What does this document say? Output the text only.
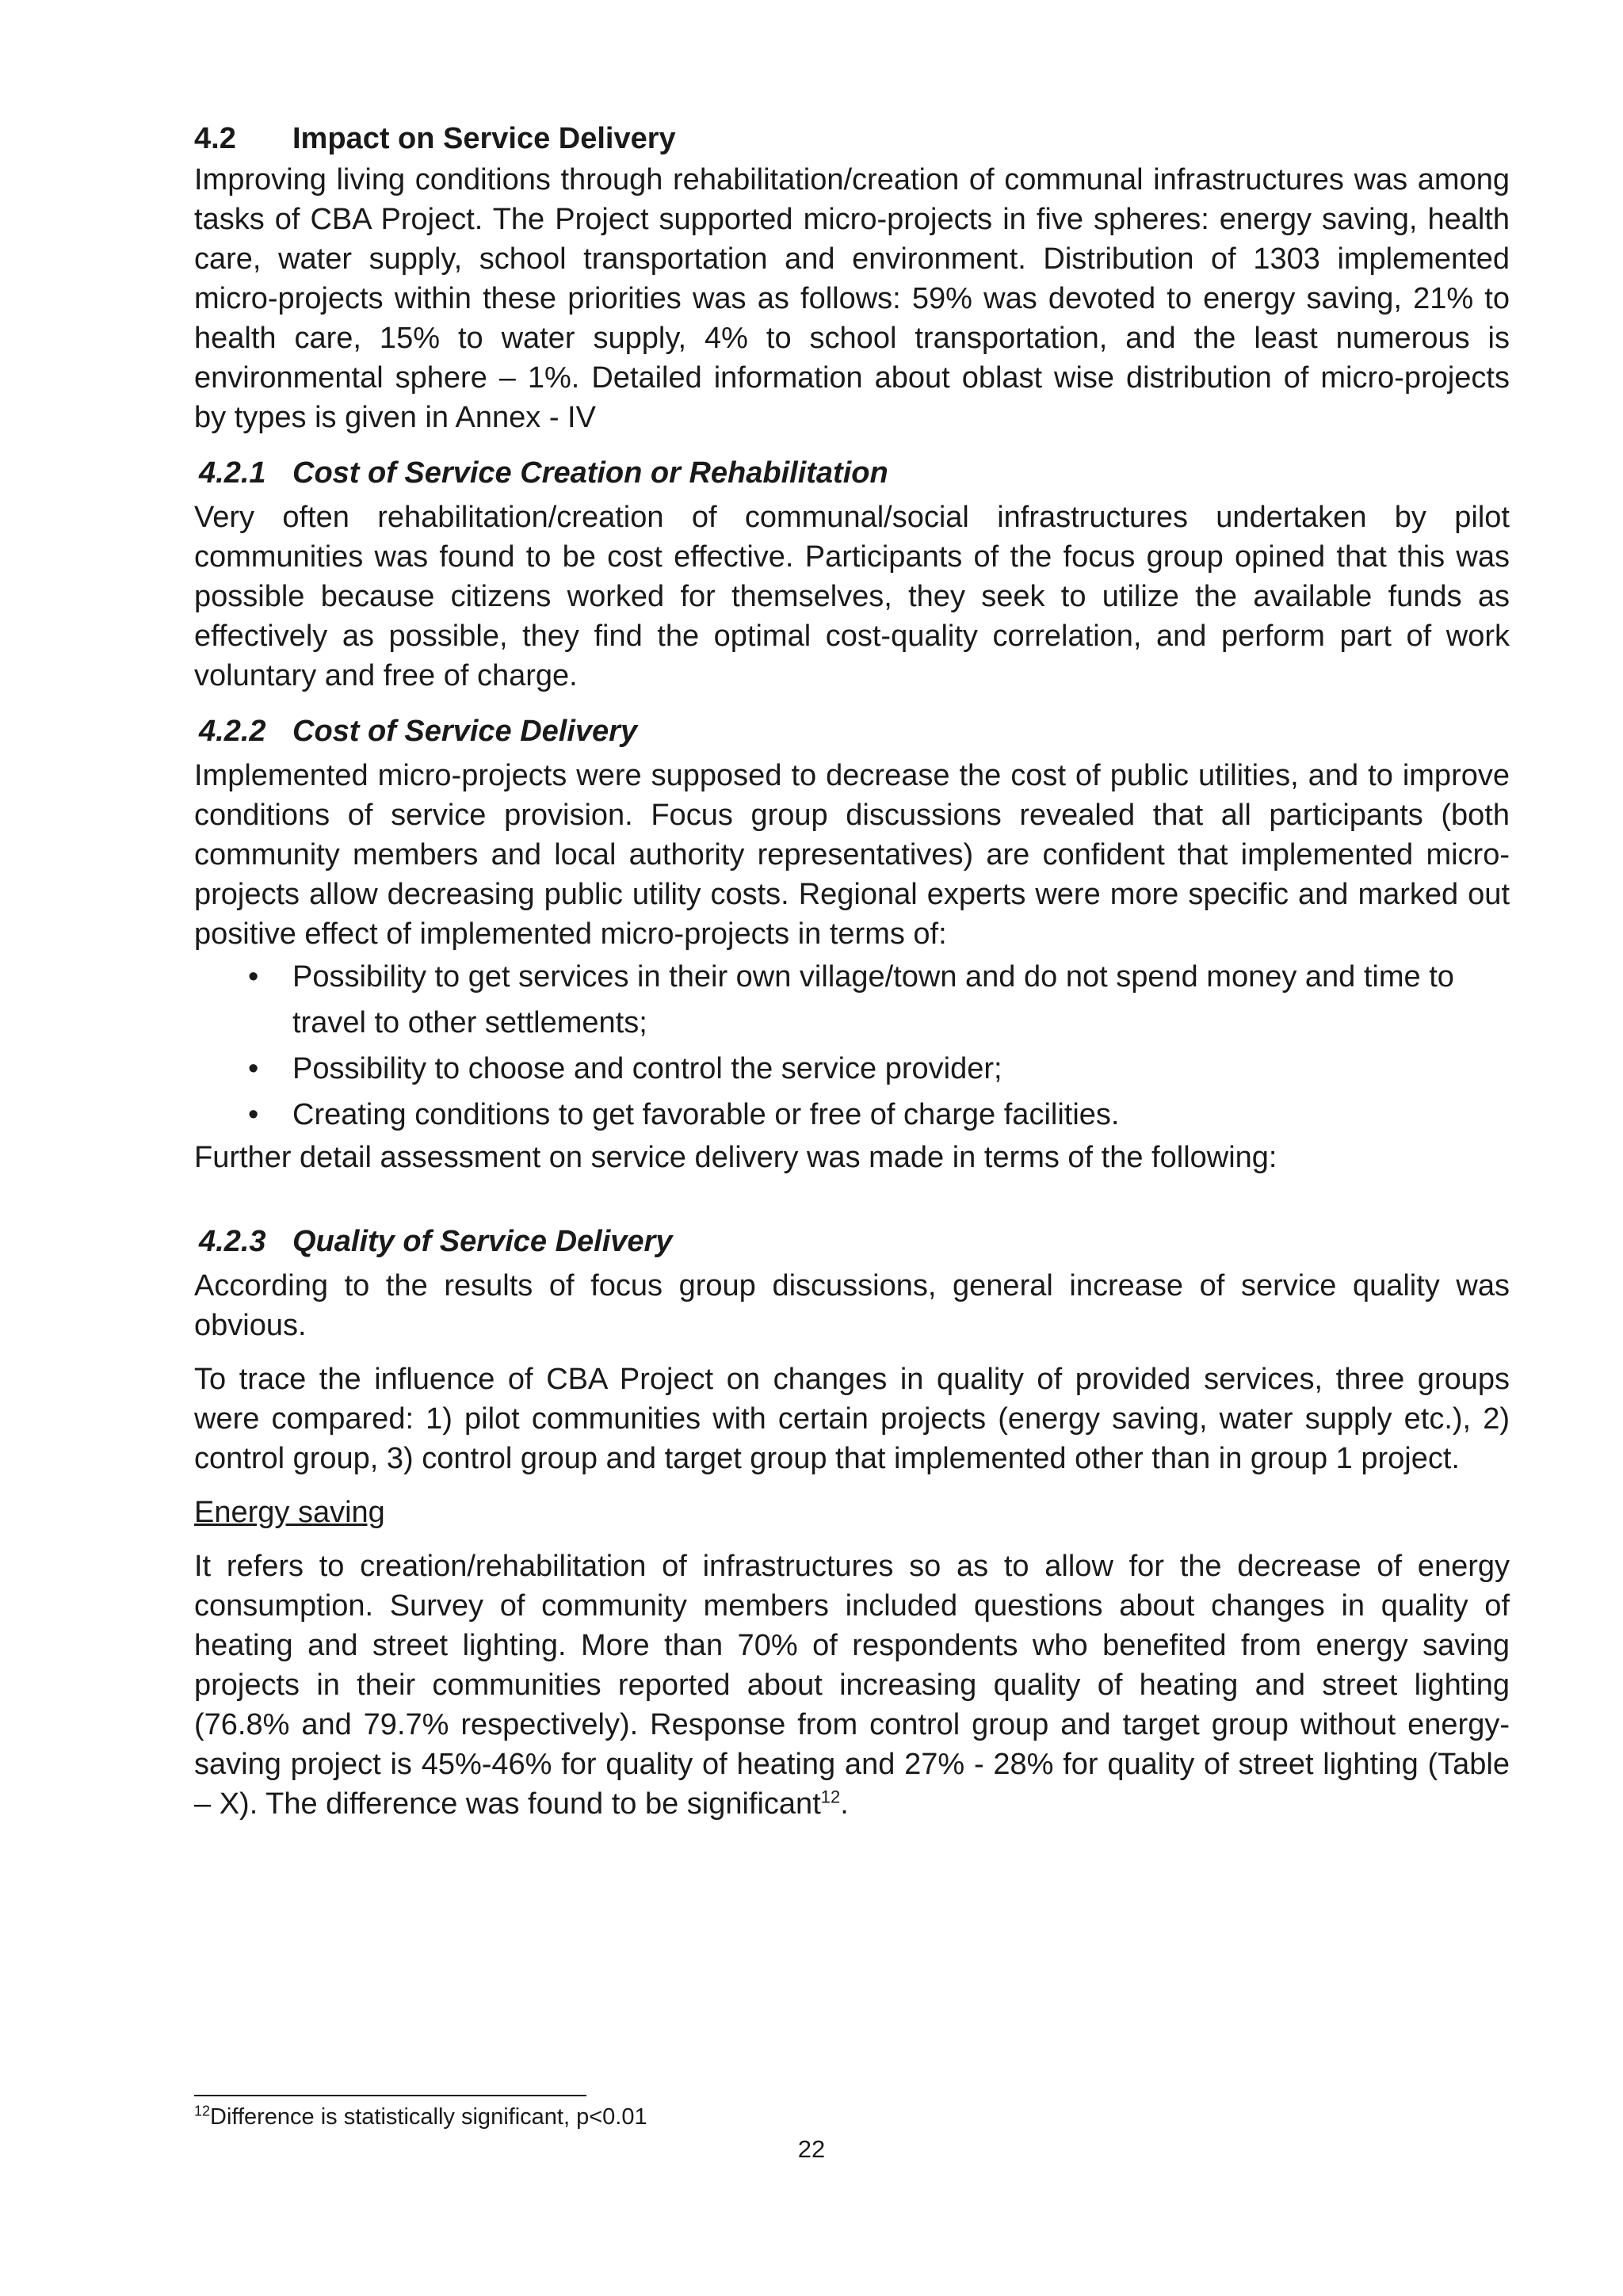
4.2 Impact on Service Delivery

Improving living conditions through rehabilitation/creation of communal infrastructures was among tasks of CBA Project. The Project supported micro-projects in five spheres: energy saving, health care, water supply, school transportation and environment. Distribution of 1303 implemented micro-projects within these priorities was as follows: 59% was devoted to energy saving, 21% to health care, 15% to water supply, 4% to school transportation, and the least numerous is environmental sphere – 1%. Detailed information about oblast wise distribution of micro-projects by types is given in Annex - IV

4.2.1 Cost of Service Creation or Rehabilitation

Very often rehabilitation/creation of communal/social infrastructures undertaken by pilot communities was found to be cost effective. Participants of the focus group opined that this was possible because citizens worked for themselves, they seek to utilize the available funds as effectively as possible, they find the optimal cost-quality correlation, and perform part of work voluntary and free of charge.

4.2.2 Cost of Service Delivery

Implemented micro-projects were supposed to decrease the cost of public utilities, and to improve conditions of service provision. Focus group discussions revealed that all participants (both community members and local authority representatives) are confident that implemented micro-projects allow decreasing public utility costs. Regional experts were more specific and marked out positive effect of implemented micro-projects in terms of:

• Possibility to get services in their own village/town and do not spend money and time to travel to other settlements;
• Possibility to choose and control the service provider;
• Creating conditions to get favorable or free of charge facilities.

Further detail assessment on service delivery was made in terms of the following:

4.2.3 Quality of Service Delivery

According to the results of focus group discussions, general increase of service quality was obvious.

To trace the influence of CBA Project on changes in quality of provided services, three groups were compared: 1) pilot communities with certain projects (energy saving, water supply etc.), 2) control group, 3) control group and target group that implemented other than in group 1 project.

Energy saving

It refers to creation/rehabilitation of infrastructures so as to allow for the decrease of energy consumption. Survey of community members included questions about changes in quality of heating and street lighting. More than 70% of respondents who benefited from energy saving projects in their communities reported about increasing quality of heating and street lighting (76.8% and 79.7% respectively). Response from control group and target group without energy-saving project is 45%-46% for quality of heating and 27% - 28% for quality of street lighting (Table – X). The difference was found to be significant$^{12}$.

$^{12}$Difference is statistically significant, p<0.01
22
